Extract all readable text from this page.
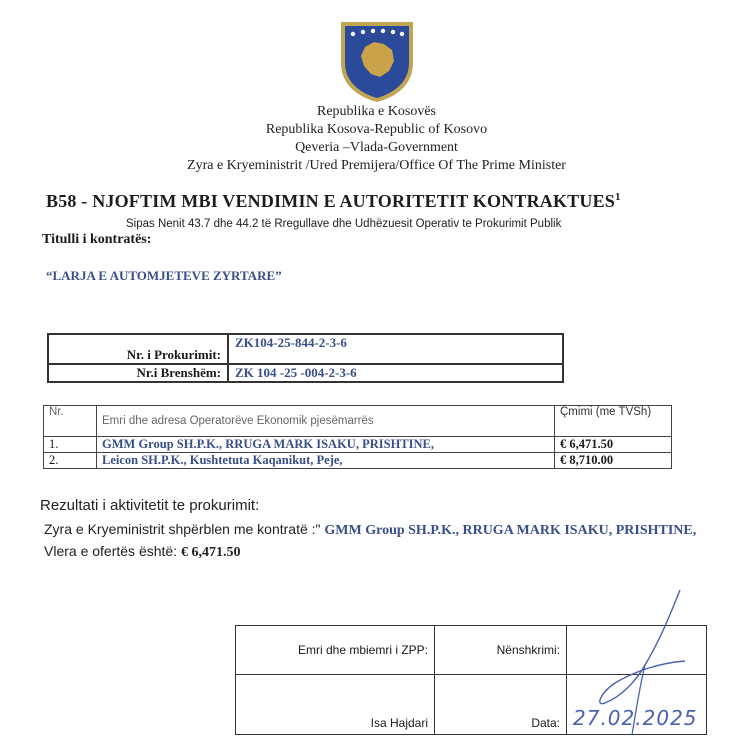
Republika e Kosovës
Republika Kosova-Republic of Kosovo
Qeveria –Vlada-Government
Zyra e Kryeministrit /Ured Premijera/Office Of The Prime Minister
B58 - NJOFTIM MBI VENDIMIN E AUTORITETIT KONTRAKTUES$^1$
Sipas Nenit 43.7 dhe 44.2 të Rregullave dhe Udhëzuesit Operativ te Prokurimit Publik
Titulli i kontratës:
“LARJA E AUTOMJETEVE ZYRTARE”
Nr. i Prokurimit:	ZK104-25-844-2-3-6
Nr.i Brenshëm:	ZK 104 -25 -004-2-3-6
Nr.	Emri dhe adresa Operatorëve Ekonomik pjesëmarrës	Çmimi (me TVSh)
1.	GMM Group SH.P.K., RRUGA MARK ISAKU, PRISHTINE,	€ 6,471.50
2.	Leicon SH.P.K., Kushtetuta Kaqanikut, Peje,	€ 8,710.00
Rezultati i aktivitetit te prokurimit:
Zyra e Kryeministrit shpërblen me kontratë :" GMM Group SH.P.K., RRUGA MARK ISAKU, PRISHTINE, Vlera e ofertës është: € 6,471.50
Emri dhe mbiemri i ZPP:	Nënshkrimi:	
Isa Hajdari	Data:	27.02.2025
